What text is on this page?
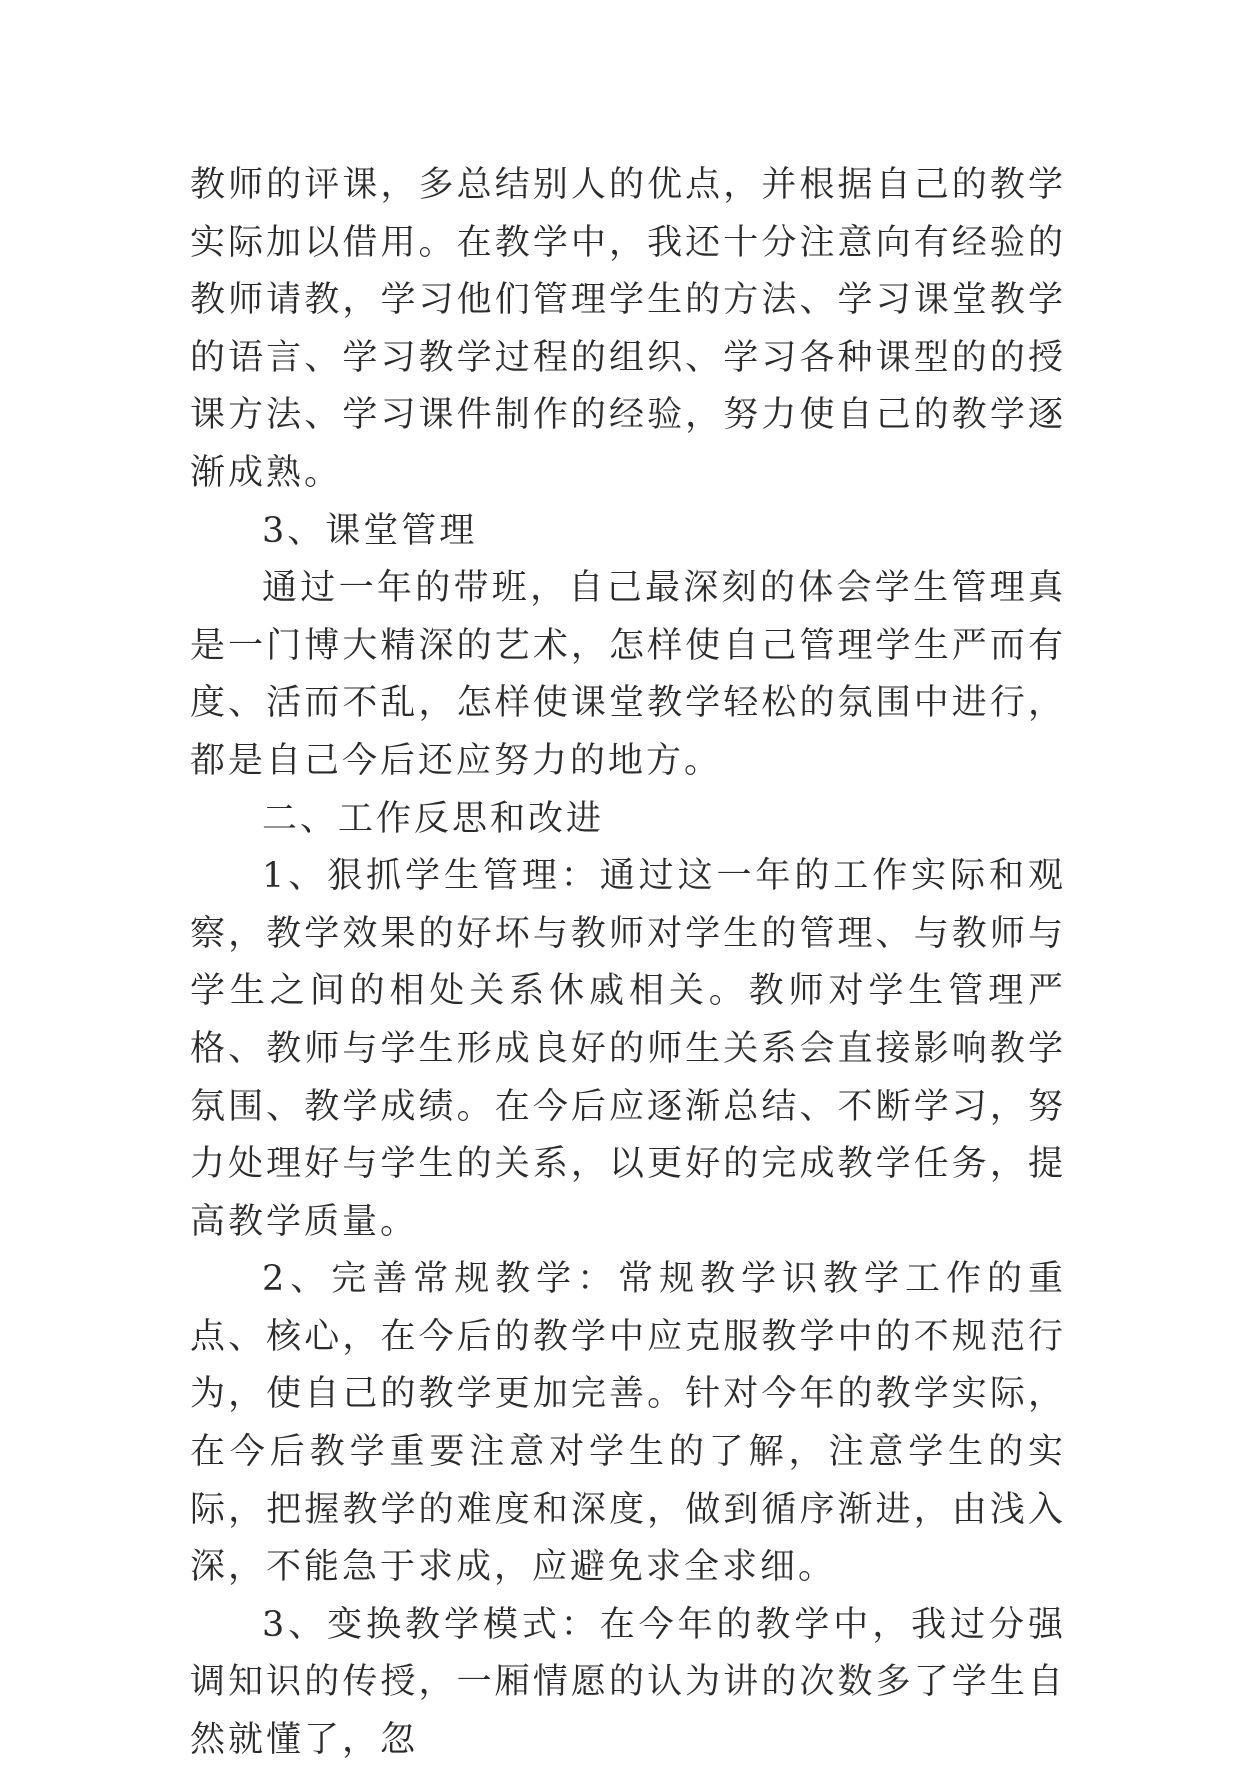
教师的评课，多总结别人的优点，并根据自己的教学实际加以借用。在教学中，我还十分注意向有经验的教师请教，学习他们管理学生的方法、学习课堂教学的语言、学习教学过程的组织、学习各种课型的的授课方法、学习课件制作的经验，努力使自己的教学逐渐成熟。

3、课堂管理

通过一年的带班，自己最深刻的体会学生管理真是一门博大精深的艺术，怎样使自己管理学生严而有度、活而不乱，怎样使课堂教学轻松的氛围中进行，都是自己今后还应努力的地方。

二、工作反思和改进

1、狠抓学生管理：通过这一年的工作实际和观察，教学效果的好坏与教师对学生的管理、与教师与学生之间的相处关系休戚相关。教师对学生管理严格、教师与学生形成良好的师生关系会直接影响教学氛围、教学成绩。在今后应逐渐总结、不断学习，努力处理好与学生的关系，以更好的完成教学任务，提高教学质量。

2、完善常规教学：常规教学识教学工作的重点、核心，在今后的教学中应克服教学中的不规范行为，使自己的教学更加完善。针对今年的教学实际，在今后教学重要注意对学生的了解，注意学生的实际，把握教学的难度和深度，做到循序渐进，由浅入深，不能急于求成，应避免求全求细。

3、变换教学模式：在今年的教学中，我过分强调知识的传授，一厢情愿的认为讲的次数多了学生自然就懂了，忽
